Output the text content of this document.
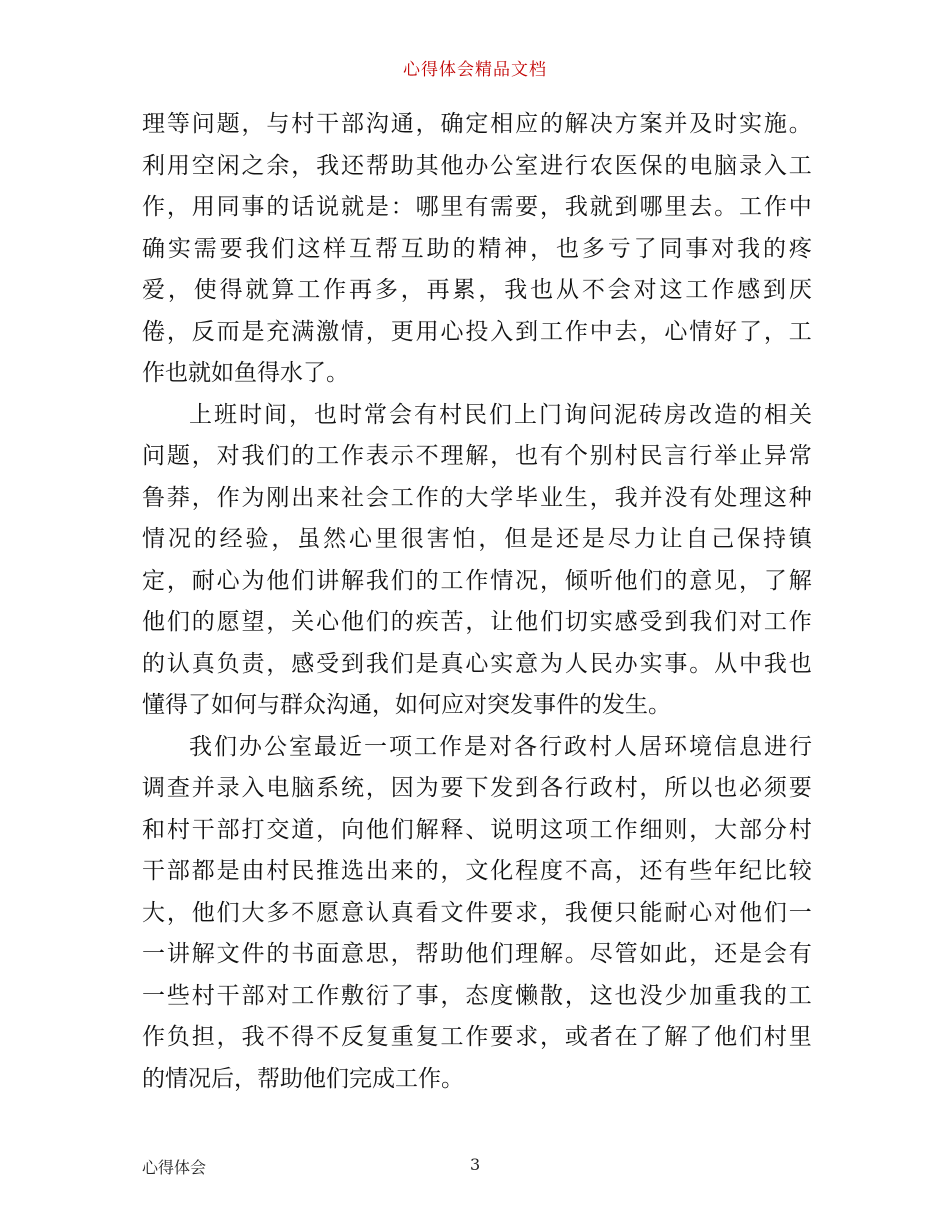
心得体会精品文档
理 等 问 题 ， 与 村 干 部 沟 通 ， 确 定 相 应 的 解 决 方 案 并 及 时 实 施 。
利 用 空 闲 之 余 ， 我 还 帮 助 其 他 办 公 室 进 行 农 医 保 的 电 脑 录 入 工
作 ， 用 同 事 的 话 说 就 是 ： 哪 里 有 需 要 ， 我 就 到 哪 里 去 。 工 作 中
确 实 需 要 我 们 这 样 互 帮 互 助 的 精 神 ， 也 多 亏 了 同 事 对 我 的 疼
爱 ， 使 得 就 算 工 作 再 多 ， 再 累 ， 我 也 从 不 会 对 这 工 作 感 到 厌
倦 ， 反 而 是 充 满 激 情 ， 更 用 心 投 入 到 工 作 中 去 ， 心 情 好 了 ， 工
作也就如鱼得水了。
上 班 时 间 ， 也 时 常 会 有 村 民 们 上 门 询 问 泥 砖 房 改 造 的 相 关
问 题 ， 对 我 们 的 工 作 表 示 不 理 解 ， 也 有 个 别 村 民 言 行 举 止 异 常
鲁 莽 ， 作 为 刚 出 来 社 会 工 作 的 大 学 毕 业 生 ， 我 并 没 有 处 理 这 种
情 况 的 经 验 ， 虽 然 心 里 很 害 怕 ， 但 是 还 是 尽 力 让 自 己 保 持 镇
定 ， 耐 心 为 他 们 讲 解 我 们 的 工 作 情 况 ， 倾 听 他 们 的 意 见 ， 了 解
他 们 的 愿 望 ， 关 心 他 们 的 疾 苦 ， 让 他 们 切 实 感 受 到 我 们 对 工 作
的 认 真 负 责 ， 感 受 到 我 们 是 真 心 实 意 为 人 民 办 实 事 。 从 中 我 也
懂得了如何与群众沟通，如何应对突发事件的发生。
我 们 办 公 室 最 近 一 项 工 作 是 对 各 行 政 村 人 居 环 境 信 息 进 行
调 查 并 录 入 电 脑 系 统 ， 因 为 要 下 发 到 各 行 政 村 ， 所 以 也 必 须 要
和 村 干 部 打 交 道 ， 向 他 们 解 释 、 说 明 这 项 工 作 细 则 ， 大 部 分 村
干 部 都 是 由 村 民 推 选 出 来 的 ， 文 化 程 度 不 高 ， 还 有 些 年 纪 比 较
大 ， 他 们 大 多 不 愿 意 认 真 看 文 件 要 求 ， 我 便 只 能 耐 心 对 他 们 一
一 讲 解 文 件 的 书 面 意 思 ， 帮 助 他 们 理 解 。 尽 管 如 此 ， 还 是 会 有
一 些 村 干 部 对 工 作 敷 衍 了 事 ， 态 度 懒 散 ， 这 也 没 少 加 重 我 的 工
作 负 担 ， 我 不 得 不 反 复 重 复 工 作 要 求 ， 或 者 在 了 解 了 他 们 村 里
的情况后，帮助他们完成工作。
心得体会	3
